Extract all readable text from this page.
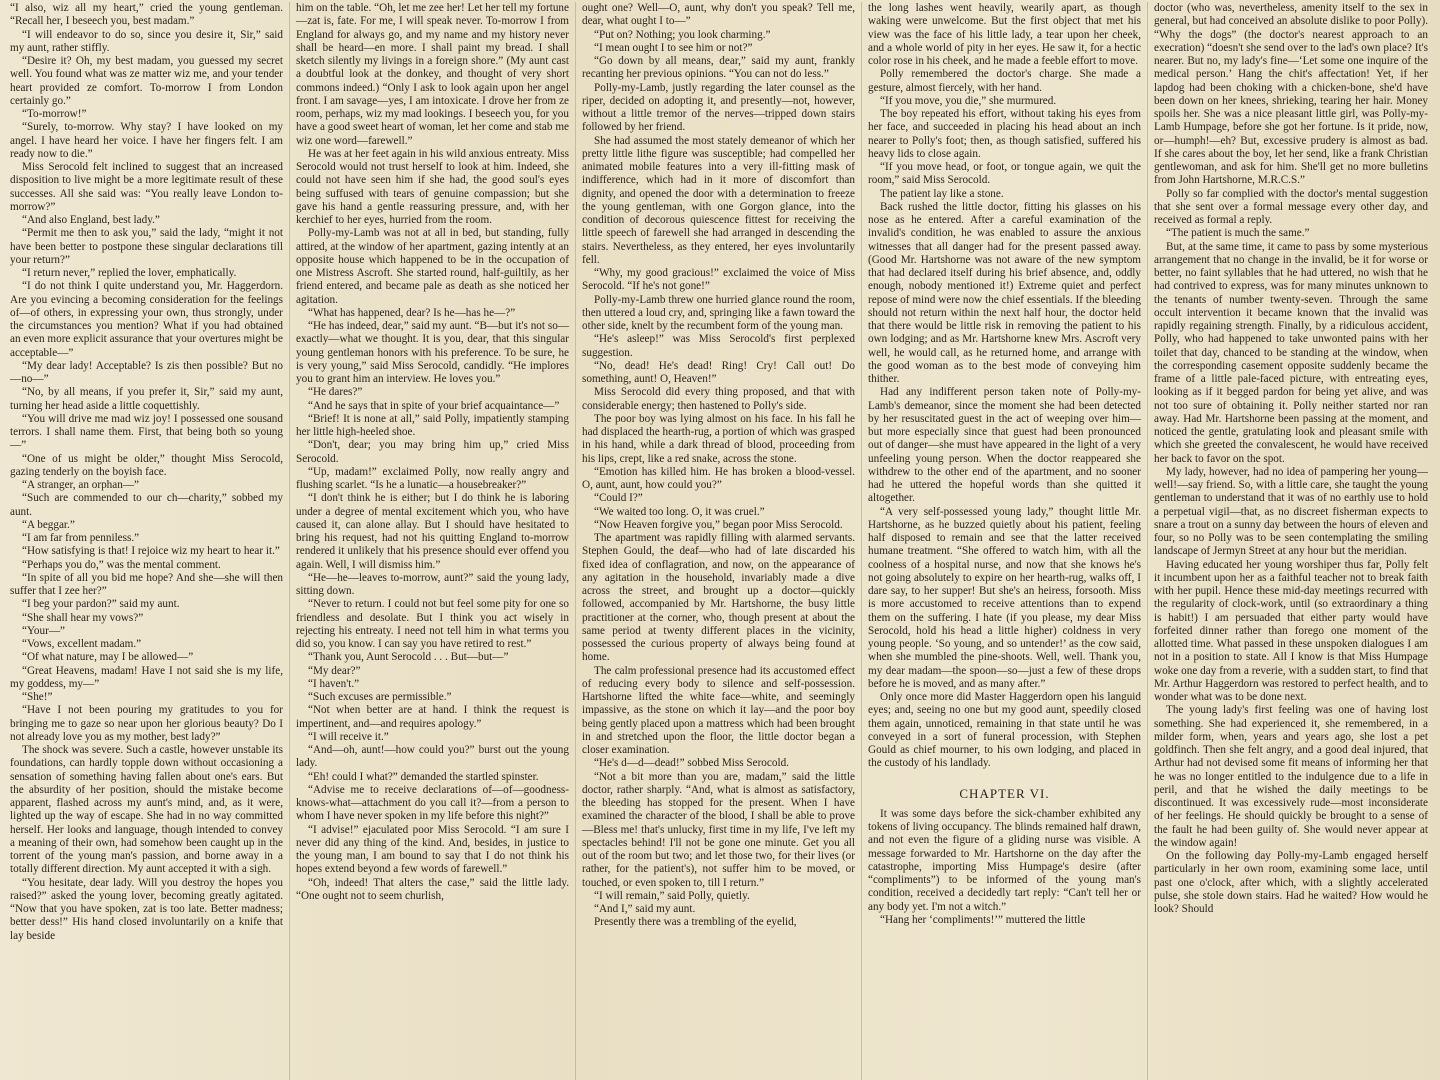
“I also, wiz all my heart,” cried the young gentleman. “Recall her, I beseech you, best madam.”

“I will endeavor to do so, since you desire it, Sir,” said my aunt, rather stiffly.

“Desire it? Oh, my best madam, you guessed my secret well. You found what was ze matter wiz me, and your tender heart provided ze comfort. To-morrow I from London certainly go.”

“To-morrow!”

“Surely, to-morrow. Why stay? I have looked on my angel. I have heard her voice. I have her fingers felt. I am ready now to die.”

Miss Serocold felt inclined to suggest that an increased disposition to live might be a more legitimate result of these successes. All she said was: “You really leave London to-morrow?”

“And also England, best lady.”

“Permit me then to ask you,” said the lady, “might it not have been better to postpone these singular declarations till your return?”

“I return never,” replied the lover, emphatically.

“I do not think I quite understand you, Mr. Haggerdorn. Are you evincing a becoming consideration for the feelings of—of others, in expressing your own, thus strongly, under the circumstances you mention? What if you had obtained an even more explicit assurance that your overtures might be acceptable—”

“My dear lady! Acceptable? Is zis then possible? But no—no—”

“No, by all means, if you prefer it, Sir,” said my aunt, turning her head aside a little coquettishly.

“You will drive me mad wiz joy! I possessed one sousand terrors. I shall name them. First, that being both so young—”

“One of us might be older,” thought Miss Serocold, gazing tenderly on the boyish face.

“A stranger, an orphan—”

“Such are commended to our ch—charity,” sobbed my aunt.

“A beggar.”

“I am far from penniless.”

“How satisfying is that! I rejoice wiz my heart to hear it.”

“Perhaps you do,” was the mental comment.

“In spite of all you bid me hope? And she—she will then suffer that I zee her?”

“I beg your pardon?” said my aunt.

“She shall hear my vows?”

“Your—”

“Vows, excellent madam.”

“Of what nature, may I be allowed—”

“Great Heavens, madam! Have I not said she is my life, my goddess, my—”

“She!”

“Have I not been pouring my gratitudes to you for bringing me to gaze so near upon her glorious beauty? Do I not already love you as my mother, best lady?”

The shock was severe. Such a castle, however unstable its foundations, can hardly topple down without occasioning a sensation of something having fallen about one's ears. But the absurdity of her position, should the mistake become apparent, flashed across my aunt's mind, and, as it were, lighted up the way of escape. She had in no way committed herself. Her looks and language, though intended to convey a meaning of their own, had somehow been caught up in the torrent of the young man's passion, and borne away in a totally different direction. My aunt accepted it with a sigh.

“You hesitate, dear lady. Will you destroy the hopes you raised?” asked the young lover, becoming greatly agitated. “Now that you have spoken, zat is too late. Better madness; better dess!” His hand closed involuntarily on a knife that lay beside

him on the table. “Oh, let me zee her! Let her tell my fortune—zat is, fate. For me, I will speak never. To-morrow I from England for always go, and my name and my history never shall be heard—en more. I shall paint my bread. I shall sketch silently my livings in a foreign shore.” (My aunt cast a doubtful look at the donkey, and thought of very short commons indeed.) “Only I ask to look again upon her angel front. I am savage—yes, I am intoxicate. I drove her from ze room, perhaps, wiz my mad lookings. I beseech you, for you have a good sweet heart of woman, let her come and stab me wiz one word—farewell.”

He was at her feet again in his wild anxious entreaty. Miss Serocold would not trust herself to look at him. Indeed, she could not have seen him if she had, the good soul's eyes being suffused with tears of genuine compassion; but she gave his hand a gentle reassuring pressure, and, with her kerchief to her eyes, hurried from the room.

Polly-my-Lamb was not at all in bed, but standing, fully attired, at the window of her apartment, gazing intently at an opposite house which happened to be in the occupation of one Mistress Ascroft. She started round, half-guiltily, as her friend entered, and became pale as death as she noticed her agitation.

“What has happened, dear? Is he—has he—?”

“He has indeed, dear,” said my aunt. “B—but it's not so—exactly—what we thought. It is you, dear, that this singular young gentleman honors with his preference. To be sure, he is very young,” said Miss Serocold, candidly. “He implores you to grant him an interview. He loves you.”

“He dares?”

“And he says that in spite of your brief acquaintance—”

“Brief! It is none at all,” said Polly, impatiently stamping her little high-heeled shoe.

“Don't, dear; you may bring him up,” cried Miss Serocold.

“Up, madam!” exclaimed Polly, now really angry and flushing scarlet. “Is he a lunatic—a housebreaker?”

“I don't think he is either; but I do think he is laboring under a degree of mental excitement which you, who have caused it, can alone allay. But I should have hesitated to bring his request, had not his quitting England to-morrow rendered it unlikely that his presence should ever offend you again. Well, I will dismiss him.”

“He—he—leaves to-morrow, aunt?” said the young lady, sitting down.

“Never to return. I could not but feel some pity for one so friendless and desolate. But I think you act wisely in rejecting his entreaty. I need not tell him in what terms you did so, you know. I can say you have retired to rest.”

“Thank you, Aunt Serocold . . . But—but—”

“My dear?”

“I haven't.”

“Such excuses are permissible.”

“Not when better are at hand. I think the request is impertinent, and—and requires apology.”

“I will receive it.”

“And—oh, aunt!—how could you?” burst out the young lady.

“Eh! could I what?” demanded the startled spinster.

“Advise me to receive declarations of—of—goodness-knows-what—attachment do you call it?—from a person to whom I have never spoken in my life before this night?”

“I advise!” ejaculated poor Miss Serocold. “I am sure I never did any thing of the kind. And, besides, in justice to the young man, I am bound to say that I do not think his hopes extend beyond a few words of farewell.”

“Oh, indeed! That alters the case,” said the little lady. “One ought not to seem churlish,

ought one? Well—O, aunt, why don't you speak? Tell me, dear, what ought I to—”

“Put on? Nothing; you look charming.”

“I mean ought I to see him or not?”

“Go down by all means, dear,” said my aunt, frankly recanting her previous opinions. “You can not do less.”

Polly-my-Lamb, justly regarding the later counsel as the riper, decided on adopting it, and presently—not, however, without a little tremor of the nerves—tripped down stairs followed by her friend.

She had assumed the most stately demeanor of which her pretty little lithe figure was susceptible; had compelled her animated mobile features into a very ill-fitting mask of indifference, which had in it more of discomfort than dignity, and opened the door with a determination to freeze the young gentleman, with one Gorgon glance, into the condition of decorous quiescence fittest for receiving the little speech of farewell she had arranged in descending the stairs. Nevertheless, as they entered, her eyes involuntarily fell.

“Why, my good gracious!” exclaimed the voice of Miss Serocold. “If he's not gone!”

Polly-my-Lamb threw one hurried glance round the room, then uttered a loud cry, and, springing like a fawn toward the other side, knelt by the recumbent form of the young man.

“He's asleep!” was Miss Serocold's first perplexed suggestion.

“No, dead! He's dead! Ring! Cry! Call out! Do something, aunt! O, Heaven!”

Miss Serocold did every thing proposed, and that with considerable energy; then hastened to Polly's side.

The poor boy was lying almost on his face. In his fall he had displaced the hearth-rug, a portion of which was grasped in his hand, while a dark thread of blood, proceeding from his lips, crept, like a red snake, across the stone.

“Emotion has killed him. He has broken a blood-vessel. O, aunt, aunt, how could you?”

“Could I?”

“We waited too long. O, it was cruel.”

“Now Heaven forgive you,” began poor Miss Serocold.

The apartment was rapidly filling with alarmed servants. Stephen Gould, the deaf—who had of late discarded his fixed idea of conflagration, and now, on the appearance of any agitation in the household, invariably made a dive across the street, and brought up a doctor—quickly followed, accompanied by Mr. Hartshorne, the busy little practitioner at the corner, who, though present at about the same period at twenty different places in the vicinity, possessed the curious property of always being found at home.

The calm professional presence had its accustomed effect of reducing every body to silence and self-possession. Hartshorne lifted the white face—white, and seemingly impassive, as the stone on which it lay—and the poor boy being gently placed upon a mattress which had been brought in and stretched upon the floor, the little doctor began a closer examination.

“He's d—d—dead!” sobbed Miss Serocold.

“Not a bit more than you are, madam,” said the little doctor, rather sharply. “And, what is almost as satisfactory, the bleeding has stopped for the present. When I have examined the character of the blood, I shall be able to prove—Bless me! that's unlucky, first time in my life, I've left my spectacles behind! I'll not be gone one minute. Get you all out of the room but two; and let those two, for their lives (or rather, for the patient's), not suffer him to be moved, or touched, or even spoken to, till I return.”

“I will remain,” said Polly, quietly.

“And I,” said my aunt.

Presently there was a trembling of the eyelid,

the long lashes went heavily, wearily apart, as though waking were unwelcome. But the first object that met his view was the face of his little lady, a tear upon her cheek, and a whole world of pity in her eyes. He saw it, for a hectic color rose in his cheek, and he made a feeble effort to move.

Polly remembered the doctor's charge. She made a gesture, almost fiercely, with her hand.

“If you move, you die,” she murmured.

The boy repeated his effort, without taking his eyes from her face, and succeeded in placing his head about an inch nearer to Polly's foot; then, as though satisfied, suffered his heavy lids to close again.

“If you move head, or foot, or tongue again, we quit the room,” said Miss Serocold.

The patient lay like a stone.

Back rushed the little doctor, fitting his glasses on his nose as he entered. After a careful examination of the invalid's condition, he was enabled to assure the anxious witnesses that all danger had for the present passed away. (Good Mr. Hartshorne was not aware of the new symptom that had declared itself during his brief absence, and, oddly enough, nobody mentioned it!) Extreme quiet and perfect repose of mind were now the chief essentials. If the bleeding should not return within the next half hour, the doctor held that there would be little risk in removing the patient to his own lodging; and as Mr. Hartshorne knew Mrs. Ascroft very well, he would call, as he returned home, and arrange with the good woman as to the best mode of conveying him thither.

Had any indifferent person taken note of Polly-my-Lamb's demeanor, since the moment she had been detected by her resuscitated guest in the act of weeping over him—but more especially since that guest had been pronounced out of danger—she must have appeared in the light of a very unfeeling young person. When the doctor reappeared she withdrew to the other end of the apartment, and no sooner had he uttered the hopeful words than she quitted it altogether.

“A very self-possessed young lady,” thought little Mr. Hartshorne, as he buzzed quietly about his patient, feeling half disposed to remain and see that the latter received humane treatment. “She offered to watch him, with all the coolness of a hospital nurse, and now that she knows he's not going absolutely to expire on her hearth-rug, walks off, I dare say, to her supper! But she's an heiress, forsooth. Miss is more accustomed to receive attentions than to expend them on the suffering. I hate (if you please, my dear Miss Serocold, hold his head a little higher) coldness in very young people. ‘So young, and so untender!’ as the cow said, when she mumbled the pine-shoots. Well, well. Thank you, my dear madam—the spoon—so—just a few of these drops before he is moved, and as many after.”

Only once more did Master Haggerdorn open his languid eyes; and, seeing no one but my good aunt, speedily closed them again, unnoticed, remaining in that state until he was conveyed in a sort of funeral procession, with Stephen Gould as chief mourner, to his own lodging, and placed in the custody of his landlady.

CHAPTER VI.

It was some days before the sick-chamber exhibited any tokens of living occupancy. The blinds remained half drawn, and not even the figure of a gliding nurse was visible. A message forwarded to Mr. Hartshorne on the day after the catastrophe, importing Miss Humpage's desire (after “compliments”) to be informed of the young man's condition, received a decidedly tart reply: “Can't tell her or any body yet. I'm not a witch.”

“Hang her ‘compliments!’” muttered the little

doctor (who was, nevertheless, amenity itself to the sex in general, but had conceived an absolute dislike to poor Polly). “Why the dogs” (the doctor's nearest approach to an execration) “doesn't she send over to the lad's own place? It's nearer. But no, my lady's fine—‘Let some one inquire of the medical person.’ Hang the chit's affectation! Yet, if her lapdog had been choking with a chicken-bone, she'd have been down on her knees, shrieking, tearing her hair. Money spoils her. She was a nice pleasant little girl, was Polly-my-Lamb Humpage, before she got her fortune. Is it pride, now, or—humph!—eh? But, excessive prudery is almost as bad. If she cares about the boy, let her send, like a frank Christian gentlewoman, and ask for him. She'll get no more bulletins from John Hartshorne, M.R.C.S.”

Polly so far complied with the doctor's mental suggestion that she sent over a formal message every other day, and received as formal a reply.

“The patient is much the same.”

But, at the same time, it came to pass by some mysterious arrangement that no change in the invalid, be it for worse or better, no faint syllables that he had uttered, no wish that he had contrived to express, was for many minutes unknown to the tenants of number twenty-seven. Through the same occult intervention it became known that the invalid was rapidly regaining strength. Finally, by a ridiculous accident, Polly, who had happened to take unwonted pains with her toilet that day, chanced to be standing at the window, when the corresponding casement opposite suddenly became the frame of a little pale-faced picture, with entreating eyes, looking as if it begged pardon for being yet alive, and was not too sure of obtaining it. Polly neither started nor ran away. Had Mr. Hartshorne been passing at the moment, and noticed the gentle, gratulating look and pleasant smile with which she greeted the convalescent, he would have received her back to favor on the spot.

My lady, however, had no idea of pampering her young—well!—say friend. So, with a little care, she taught the young gentleman to understand that it was of no earthly use to hold a perpetual vigil—that, as no discreet fisherman expects to snare a trout on a sunny day between the hours of eleven and four, so no Polly was to be seen contemplating the smiling landscape of Jermyn Street at any hour but the meridian.

Having educated her young worshiper thus far, Polly felt it incumbent upon her as a faithful teacher not to break faith with her pupil. Hence these mid-day meetings recurred with the regularity of clock-work, until (so extraordinary a thing is habit!) I am persuaded that either party would have forfeited dinner rather than forego one moment of the allotted time. What passed in these unspoken dialogues I am not in a position to state. All I know is that Miss Humpage woke one day from a reverie, with a sudden start, to find that Mr. Arthur Haggerdorn was restored to perfect health, and to wonder what was to be done next.

The young lady's first feeling was one of having lost something. She had experienced it, she remembered, in a milder form, when, years and years ago, she lost a pet goldfinch. Then she felt angry, and a good deal injured, that Arthur had not devised some fit means of informing her that he was no longer entitled to the indulgence due to a life in peril, and that he wished the daily meetings to be discontinued. It was excessively rude—most inconsiderate of her feelings. He should quickly be brought to a sense of the fault he had been guilty of. She would never appear at the window again!

On the following day Polly-my-Lamb engaged herself particularly in her own room, examining some lace, until past one o'clock, after which, with a slightly accelerated pulse, she stole down stairs. Had he waited? How would he look? Should
